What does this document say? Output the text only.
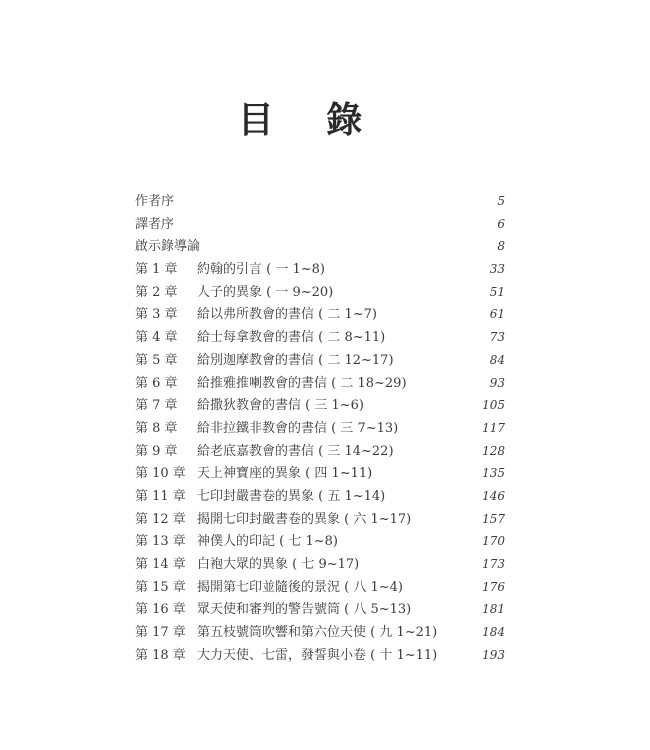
目 錄
作者序	5
譯者序	6
啟示錄導論	8
第 1 章 約翰的引言 ( 一 1~8)	33
第 2 章 人子的異象 ( 一 9~20)	51
第 3 章 給以弗所教會的書信 ( 二 1~7)	61
第 4 章 給士每拿教會的書信 ( 二 8~11)	73
第 5 章 給別迦摩教會的書信 ( 二 12~17)	84
第 6 章 給推雅推喇教會的書信 ( 二 18~29)	93
第 7 章 給撒狄教會的書信 ( 三 1~6)	105
第 8 章 給非拉鐵非教會的書信 ( 三 7~13)	117
第 9 章 給老底嘉教會的書信 ( 三 14~22)	128
第 10 章 天上神寶座的異象 ( 四 1~11)	135
第 11 章 七印封嚴書卷的異象 ( 五 1~14)	146
第 12 章 揭開七印封嚴書卷的異象 ( 六 1~17)	157
第 13 章 神僕人的印記 ( 七 1~8)	170
第 14 章 白袍大眾的異象 ( 七 9~17)	173
第 15 章 揭開第七印並隨後的景況 ( 八 1~4)	176
第 16 章 眾天使和審判的警告號筒 ( 八 5~13)	181
第 17 章 第五枝號筒吹響和第六位天使 ( 九 1~21)	184
第 18 章 大力天使、七雷，發誓與小卷 ( 十 1~11)	193
